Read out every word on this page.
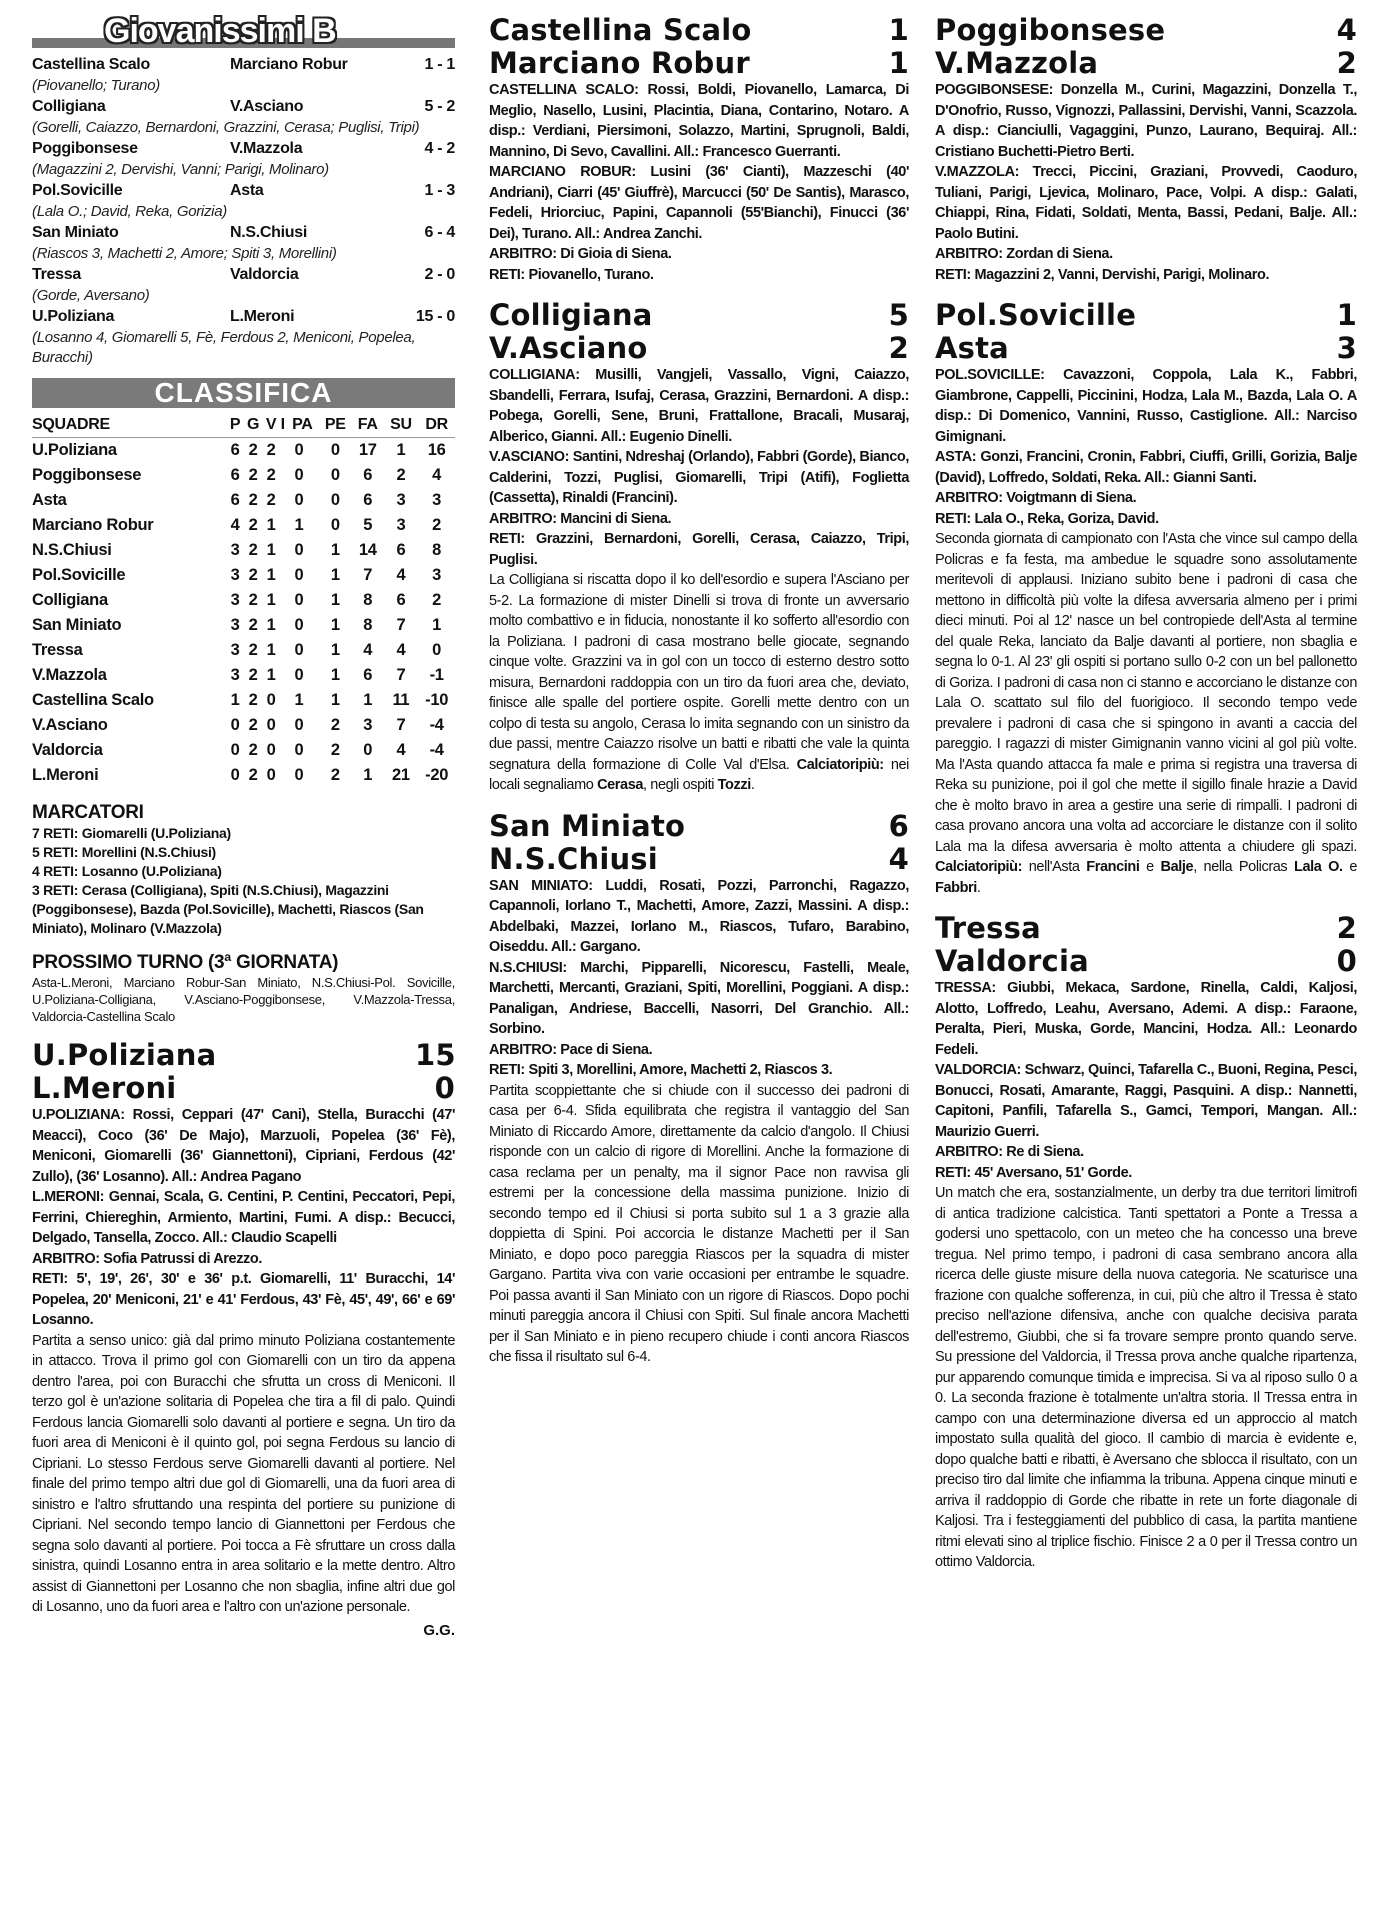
Giovanissimi B
Castellina Scalo	Marciano Robur	1 - 1
(Piovanello; Turano)
Colligiana	V.Asciano	5 - 2
(Gorelli, Caiazzo, Bernardoni, Grazzini, Cerasa; Puglisi, Tripi)
Poggibonsese	V.Mazzola	4 - 2
(Magazzini 2, Dervishi, Vanni; Parigi, Molinaro)
Pol.Sovicille	Asta	1 - 3
(Lala O.; David, Reka, Gorizia)
San Miniato	N.S.Chiusi	6 - 4
(Riascos 3, Machetti 2, Amore; Spiti 3, Morellini)
Tressa	Valdorcia	2 - 0
(Gorde, Aversano)
U.Poliziana	L.Meroni	15 - 0
(Losanno 4, Giomarelli 5, Fè, Ferdous 2, Meniconi, Popelea, Buracchi)
CLASSIFICA
SQUADRE	P	G	V	I	PA	PE	FA	SU	DR
U.Poliziana	6	2	2	0		0	17	1	16
Poggibonsese	6	2	2	0		0	6	2	4
Asta	6	2	2	0		0	6	3	3
Marciano Robur	4	2	1	1		0	5	3	2
N.S.Chiusi	3	2	1	0		1	14	6	8
Pol.Sovicille	3	2	1	0		1	7	4	3
Colligiana	3	2	1	0		1	8	6	2
San Miniato	3	2	1	0		1	8	7	1
Tressa	3	2	1	0		1	4	4	0
V.Mazzola	3	2	1	0		1	6	7	-1
Castellina Scalo	1	2	0	1		1	1	11	-10
V.Asciano	0	2	0	0		2	3	7	-4
Valdorcia	0	2	0	0		2	0	4	-4
L.Meroni	0	2	0	0		2	1	21	-20
MARCATORI
7 RETI: Giomarelli (U.Poliziana)
5 RETI: Morellini (N.S.Chiusi)
4 RETI: Losanno (U.Poliziana)
3 RETI: Cerasa (Colligiana), Spiti (N.S.Chiusi), Magazzini (Poggibonsese), Bazda (Pol.Sovicille), Machetti, Riascos (San Miniato), Molinaro (V.Mazzola)
PROSSIMO TURNO (3ª GIORNATA)
Asta-L.Meroni, Marciano Robur-San Miniato, N.S.Chiusi-Pol. Sovicille, U.Poliziana-Colligiana, V.Asciano-Poggibonsese, V.Mazzola-Tressa, Valdorcia-Castellina Scalo
U.Poliziana	15
L.Meroni	0
U.POLIZIANA: Rossi, Ceppari (47' Cani), Stella, Buracchi (47' Meacci), Coco (36' De Majo), Marzuoli, Popelea (36' Fè), Meniconi, Giomarelli (36' Giannettoni), Cipriani, Ferdous (42' Zullo), (36' Losanno). All.: Andrea Pagano
L.MERONI: Gennai, Scala, G. Centini, P. Centini, Peccatori, Pepi, Ferrini, Chiereghin, Armiento, Martini, Fumi. A disp.: Becucci, Delgado, Tansella, Zocco. All.: Claudio Scapelli
ARBITRO: Sofia Patrussi di Arezzo.
RETI: 5', 19', 26', 30' e 36' p.t. Giomarelli, 11' Buracchi, 14' Popelea, 20' Meniconi, 21' e 41' Ferdous, 43' Fè, 45', 49', 66' e 69' Losanno.
Partita a senso unico: già dal primo minuto Poliziana costantemente in attacco. Trova il primo gol con Giomarelli con un tiro da appena dentro l'area, poi con Buracchi che sfrutta un cross di Meniconi. Il terzo gol è un'azione solitaria di Popelea che tira a fil di palo. Quindi Ferdous lancia Giomarelli solo davanti al portiere e segna. Un tiro da fuori area di Meniconi è il quinto gol, poi segna Ferdous su lancio di Cipriani. Lo stesso Ferdous serve Giomarelli davanti al portiere. Nel finale del primo tempo altri due gol di Giomarelli, una da fuori area di sinistro e l'altro sfruttando una respinta del portiere su punizione di Cipriani. Nel secondo tempo lancio di Giannettoni per Ferdous che segna solo davanti al portiere. Poi tocca a Fè sfruttare un cross dalla sinistra, quindi Losanno entra in area solitario e la mette dentro. Altro assist di Giannettoni per Losanno che non sbaglia, infine altri due gol di Losanno, uno da fuori area e l'altro con un'azione personale.
G.G.
Castellina Scalo	1
Marciano Robur	1
CASTELLINA SCALO: Rossi, Boldi, Piovanello, Lamarca, Di Meglio, Nasello, Lusini, Placintia, Diana, Contarino, Notaro. A disp.: Verdiani, Piersimoni, Solazzo, Martini, Sprugnoli, Baldi, Mannino, Di Sevo, Cavallini. All.: Francesco Guerranti.
MARCIANO ROBUR: Lusini (36' Cianti), Mazzeschi (40' Andriani), Ciarri (45' Giuffrè), Marcucci (50' De Santis), Marasco, Fedeli, Hriorciuc, Papini, Capannoli (55'Bianchi), Finucci (36' Dei), Turano. All.: Andrea Zanchi.
ARBITRO: Di Gioia di Siena.
RETI: Piovanello, Turano.
Colligiana	5
V.Asciano	2
COLLIGIANA: Musilli, Vangjeli, Vassallo, Vigni, Caiazzo, Sbandelli, Ferrara, Isufaj, Cerasa, Grazzini, Bernardoni. A disp.: Pobega, Gorelli, Sene, Bruni, Frattallone, Bracali, Musaraj, Alberico, Gianni. All.: Eugenio Dinelli.
V.ASCIANO: Santini, Ndreshaj (Orlando), Fabbri (Gorde), Bianco, Calderini, Tozzi, Puglisi, Giomarelli, Tripi (Atifi), Foglietta (Cassetta), Rinaldi (Francini).
ARBITRO: Mancini di Siena.
RETI: Grazzini, Bernardoni, Gorelli, Cerasa, Caiazzo, Tripi, Puglisi.
La Colligiana si riscatta dopo il ko dell'esordio e supera l'Asciano per 5-2. La formazione di mister Dinelli si trova di fronte un avversario molto combattivo e in fiducia, nonostante il ko sofferto all'esordio con la Poliziana. I padroni di casa mostrano belle giocate, segnando cinque volte. Grazzini va in gol con un tocco di esterno destro sotto misura, Bernardoni raddoppia con un tiro da fuori area che, deviato, finisce alle spalle del portiere ospite. Gorelli mette dentro con un colpo di testa su angolo, Cerasa lo imita segnando con un sinistro da due passi, mentre Caiazzo risolve un batti e ribatti che vale la quinta segnatura della formazione di Colle Val d'Elsa. Calciatoripiù: nei locali segnaliamo Cerasa, negli ospiti Tozzi.
San Miniato	6
N.S.Chiusi	4
SAN MINIATO: Luddi, Rosati, Pozzi, Parronchi, Ragazzo, Capannoli, Iorlano T., Machetti, Amore, Zazzi, Massini. A disp.: Abdelbaki, Mazzei, Iorlano M., Riascos, Tufaro, Barabino, Oiseddu. All.: Gargano.
N.S.CHIUSI: Marchi, Pipparelli, Nicorescu, Fastelli, Meale, Marchetti, Mercanti, Graziani, Spiti, Morellini, Poggiani. A disp.: Panaligan, Andriese, Baccelli, Nasorri, Del Granchio. All.: Sorbino.
ARBITRO: Pace di Siena.
RETI: Spiti 3, Morellini, Amore, Machetti 2, Riascos 3.
Partita scoppiettante che si chiude con il successo dei padroni di casa per 6-4. Sfida equilibrata che registra il vantaggio del San Miniato di Riccardo Amore, direttamente da calcio d'angolo. Il Chiusi risponde con un calcio di rigore di Morellini. Anche la formazione di casa reclama per un penalty, ma il signor Pace non ravvisa gli estremi per la concessione della massima punizione. Inizio di secondo tempo ed il Chiusi si porta subito sul 1 a 3 grazie alla doppietta di Spini. Poi accorcia le distanze Machetti per il San Miniato, e dopo poco pareggia Riascos per la squadra di mister Gargano. Partita viva con varie occasioni per entrambe le squadre. Poi passa avanti il San Miniato con un rigore di Riascos. Dopo pochi minuti pareggia ancora il Chiusi con Spiti. Sul finale ancora Machetti per il San Miniato e in pieno recupero chiude i conti ancora Riascos che fissa il risultato sul 6-4.
Poggibonsese	4
V.Mazzola	2
POGGIBONSESE: Donzella M., Curini, Magazzini, Donzella T., D'Onofrio, Russo, Vignozzi, Pallassini, Dervishi, Vanni, Scazzola. A disp.: Cianciulli, Vagaggini, Punzo, Laurano, Bequiraj. All.: Cristiano Buchetti-Pietro Berti.
V.MAZZOLA: Trecci, Piccini, Graziani, Provvedi, Caoduro, Tuliani, Parigi, Ljevica, Molinaro, Pace, Volpi. A disp.: Galati, Chiappi, Rina, Fidati, Soldati, Menta, Bassi, Pedani, Balje. All.: Paolo Butini.
ARBITRO: Zordan di Siena.
RETI: Magazzini 2, Vanni, Dervishi, Parigi, Molinaro.
Pol.Sovicille	1
Asta	3
POL.SOVICILLE: Cavazzoni, Coppola, Lala K., Fabbri, Giambrone, Cappelli, Piccinini, Hodza, Lala M., Bazda, Lala O. A disp.: Di Domenico, Vannini, Russo, Castiglione. All.: Narciso Gimignani.
ASTA: Gonzi, Francini, Cronin, Fabbri, Ciuffi, Grilli, Gorizia, Balje (David), Loffredo, Soldati, Reka. All.: Gianni Santi.
ARBITRO: Voigtmann di Siena.
RETI: Lala O., Reka, Goriza, David.
Seconda giornata di campionato con l'Asta che vince sul campo della Policras e fa festa, ma ambedue le squadre sono assolutamente meritevoli di applausi. Iniziano subito bene i padroni di casa che mettono in difficoltà più volte la difesa avversaria almeno per i primi dieci minuti. Poi al 12' nasce un bel contropiede dell'Asta al termine del quale Reka, lanciato da Balje davanti al portiere, non sbaglia e segna lo 0-1. Al 23' gli ospiti si portano sullo 0-2 con un bel pallonetto di Goriza. I padroni di casa non ci stanno e accorciano le distanze con Lala O. scattato sul filo del fuorigioco. Il secondo tempo vede prevalere i padroni di casa che si spingono in avanti a caccia del pareggio. I ragazzi di mister Gimignanin vanno vicini al gol più volte. Ma l'Asta quando attacca fa male e prima si registra una traversa di Reka su punizione, poi il gol che mette il sigillo finale hrazie a David che è molto bravo in area a gestire una serie di rimpalli. I padroni di casa provano ancora una volta ad accorciare le distanze con il solito Lala ma la difesa avversaria è molto attenta a chiudere gli spazi. Calciatoripiù: nell'Asta Francini e Balje, nella Policras Lala O. e Fabbri.
Tressa	2
Valdorcia	0
TRESSA: Giubbi, Mekaca, Sardone, Rinella, Caldi, Kaljosi, Alotto, Loffredo, Leahu, Aversano, Ademi. A disp.: Faraone, Peralta, Pieri, Muska, Gorde, Mancini, Hodza. All.: Leonardo Fedeli.
VALDORCIA: Schwarz, Quinci, Tafarella C., Buoni, Regina, Pesci, Bonucci, Rosati, Amarante, Raggi, Pasquini. A disp.: Nannetti, Capitoni, Panfili, Tafarella S., Gamci, Tempori, Mangan. All.: Maurizio Guerri.
ARBITRO: Re di Siena.
RETI: 45' Aversano, 51' Gorde.
Un match che era, sostanzialmente, un derby tra due territori limitrofi di antica tradizione calcistica. Tanti spettatori a Ponte a Tressa a godersi uno spettacolo, con un meteo che ha concesso una breve tregua. Nel primo tempo, i padroni di casa sembrano ancora alla ricerca delle giuste misure della nuova categoria. Ne scaturisce una frazione con qualche sofferenza, in cui, più che altro il Tressa è stato preciso nell'azione difensiva, anche con qualche decisiva parata dell'estremo, Giubbi, che si fa trovare sempre pronto quando serve. Su pressione del Valdorcia, il Tressa prova anche qualche ripartenza, pur apparendo comunque timida e imprecisa. Si va al riposo sullo 0 a 0. La seconda frazione è totalmente un'altra storia. Il Tressa entra in campo con una determinazione diversa ed un approccio al match impostato sulla qualità del gioco. Il cambio di marcia è evidente e, dopo qualche batti e ribatti, è Aversano che sblocca il risultato, con un preciso tiro dal limite che infiamma la tribuna. Appena cinque minuti e arriva il raddoppio di Gorde che ribatte in rete un forte diagonale di Kaljosi. Tra i festeggiamenti del pubblico di casa, la partita mantiene ritmi elevati sino al triplice fischio. Finisce 2 a 0 per il Tressa contro un ottimo Valdorcia.
